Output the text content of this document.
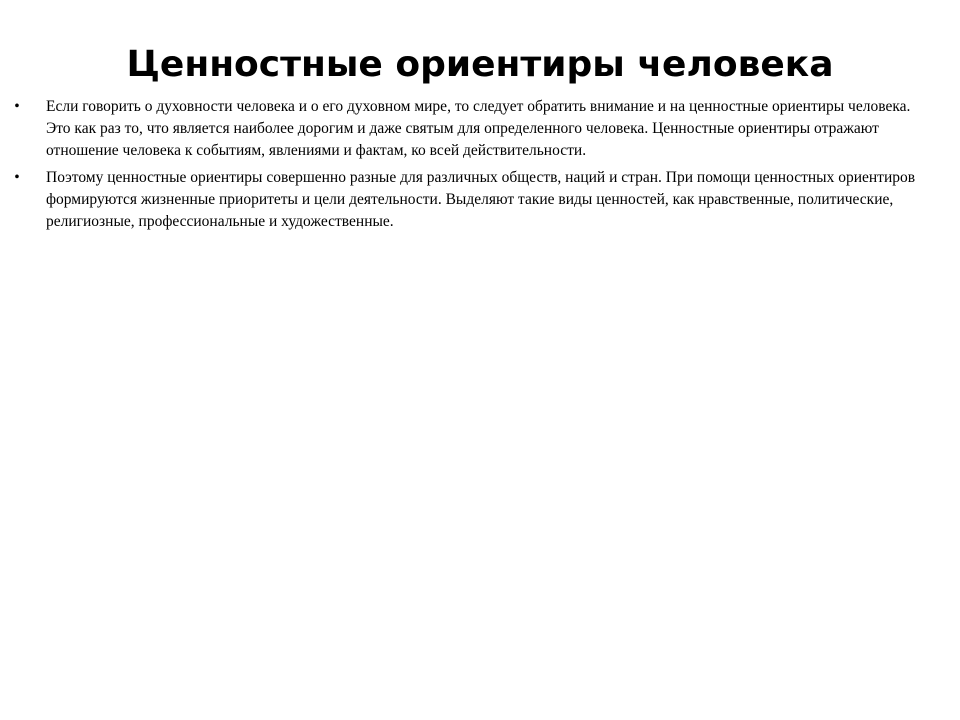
Ценностные ориентиры человека
• Если говорить о духовности человека и о его духовном мире, то следует обратить внимание и на ценностные ориентиры человека. Это как раз то, что является наиболее дорогим и даже святым для определенного человека. Ценностные ориентиры отражают отношение человека к событиям, явлениями и фактам, ко всей действительности.
• Поэтому ценностные ориентиры совершенно разные для различных обществ, наций и стран. При помощи ценностных ориентиров формируются жизненные приоритеты и цели деятельности. Выделяют такие виды ценностей, как нравственные, политические, религиозные, профессиональные и художественные.
